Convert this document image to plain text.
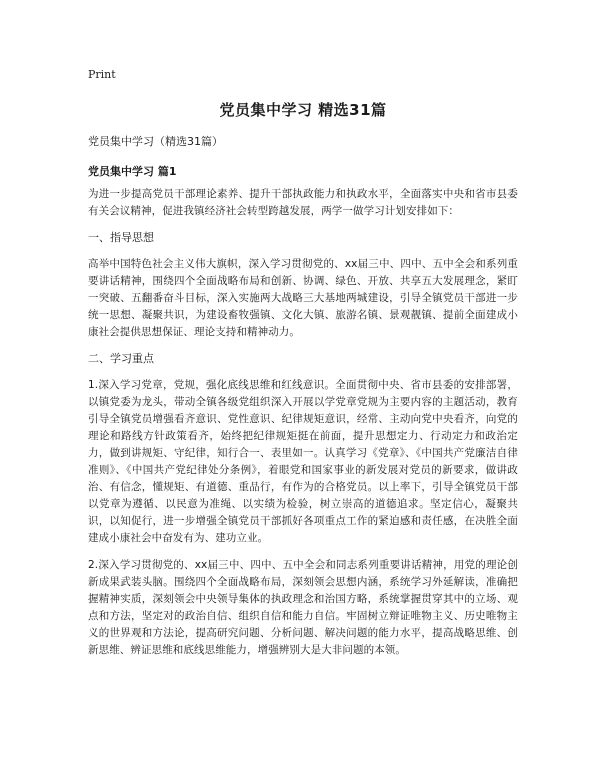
Print
党员集中学习 精选31篇
党员集中学习（精选31篇）
党员集中学习 篇1
为进一步提高党员干部理论素养、提升干部执政能力和执政水平，全面落实中央和省市县委有关会议精神，促进我镇经济社会转型跨越发展，两学一做学习计划安排如下：
一、指导思想
高举中国特色社会主义伟大旗帜，深入学习贯彻党的、xx届三中、四中、五中全会和系列重要讲话精神，围绕四个全面战略布局和创新、协调、绿色、开放、共享五大发展理念，紧盯一突破、五翻番奋斗目标，深入实施两大战略三大基地两城建设，引导全镇党员干部进一步统一思想、凝聚共识，为建设畜牧强镇、文化大镇、旅游名镇、景观靓镇、提前全面建成小康社会提供思想保证、理论支持和精神动力。
二、学习重点
1.深入学习党章，党规，强化底线思维和红线意识。全面贯彻中央、省市县委的安排部署，以镇党委为龙头，带动全镇各级党组织深入开展以学党章党规为主要内容的主题活动，教育引导全镇党员增强看齐意识、党性意识、纪律规矩意识，经常、主动向党中央看齐，向党的理论和路线方针政策看齐，始终把纪律规矩挺在前面，提升思想定力、行动定力和政治定力，做到讲规矩、守纪律，知行合一、表里如一。认真学习《党章》、《中国共产党廉洁自律准则》、《中国共产党纪律处分条例》，着眼党和国家事业的新发展对党员的新要求，做讲政治、有信念，懂规矩、有道德、重品行，有作为的合格党员。以上率下，引导全镇党员干部以党章为遵循、以民意为准绳、以实绩为检验，树立崇高的道德追求。坚定信心，凝聚共识，以知促行，进一步增强全镇党员干部抓好各项重点工作的紧迫感和责任感，在决胜全面建成小康社会中奋发有为、建功立业。
2.深入学习贯彻党的、xx届三中、四中、五中全会和同志系列重要讲话精神，用党的理论创新成果武装头脑。围绕四个全面战略布局，深刻领会思想内涵，系统学习外延解读，准确把握精神实质，深刻领会中央领导集体的执政理念和治国方略，系统掌握贯穿其中的立场、观点和方法，坚定对的政治自信、组织自信和能力自信。牢固树立辩证唯物主义、历史唯物主义的世界观和方法论，提高研究问题、分析问题、解决问题的能力水平，提高战略思维、创新思维、辨证思维和底线思维能力，增强辨别大是大非问题的本领。
